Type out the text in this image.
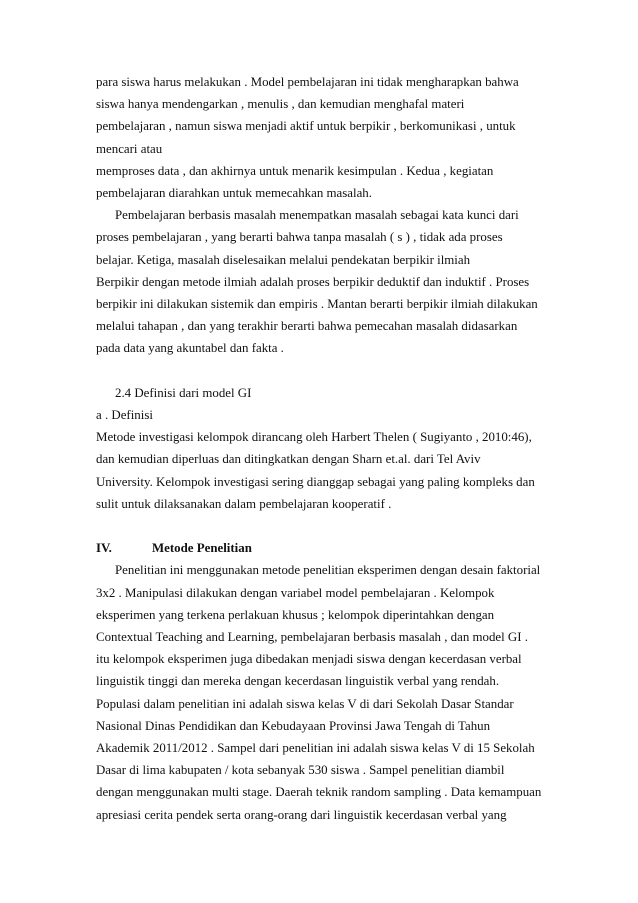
para siswa harus melakukan . Model pembelajaran ini tidak mengharapkan bahwa
siswa hanya mendengarkan , menulis , dan kemudian menghafal materi
pembelajaran , namun siswa menjadi aktif untuk berpikir , berkomunikasi , untuk
mencari atau
memproses data , dan akhirnya untuk menarik kesimpulan . Kedua , kegiatan
pembelajaran diarahkan untuk memecahkan masalah.
Pembelajaran berbasis masalah menempatkan masalah sebagai kata kunci dari
proses pembelajaran , yang berarti bahwa tanpa masalah ( s ) , tidak ada proses
belajar. Ketiga, masalah diselesaikan melalui pendekatan berpikir ilmiah
Berpikir dengan metode ilmiah adalah proses berpikir deduktif dan induktif . Proses
berpikir ini dilakukan sistemik dan empiris . Mantan berarti berpikir ilmiah dilakukan
melalui tahapan , dan yang terakhir berarti bahwa pemecahan masalah didasarkan
pada data yang akuntabel dan fakta .
2.4 Definisi dari model GI
a . Definisi
Metode investigasi kelompok dirancang oleh Harbert Thelen ( Sugiyanto , 2010:46),
dan kemudian diperluas dan ditingkatkan dengan Sharn et.al. dari Tel Aviv
University. Kelompok investigasi sering dianggap sebagai yang paling kompleks dan
sulit untuk dilaksanakan dalam pembelajaran kooperatif .
IV.	Metode Penelitian
Penelitian ini menggunakan metode penelitian eksperimen dengan desain faktorial
3x2 . Manipulasi dilakukan dengan variabel model pembelajaran . Kelompok
eksperimen yang terkena perlakuan khusus ; kelompok diperintahkan dengan
Contextual Teaching and Learning, pembelajaran berbasis masalah , dan model GI .
itu kelompok eksperimen juga dibedakan menjadi siswa dengan kecerdasan verbal
linguistik tinggi dan mereka dengan kecerdasan linguistik verbal yang rendah.
Populasi dalam penelitian ini adalah siswa kelas V di dari Sekolah Dasar Standar
Nasional Dinas Pendidikan dan Kebudayaan Provinsi Jawa Tengah di Tahun
Akademik 2011/2012 . Sampel dari penelitian ini adalah siswa kelas V di 15 Sekolah
Dasar di lima kabupaten / kota sebanyak 530 siswa . Sampel penelitian diambil
dengan menggunakan multi stage. Daerah teknik random sampling . Data kemampuan
apresiasi cerita pendek serta orang-orang dari linguistik kecerdasan verbal yang
